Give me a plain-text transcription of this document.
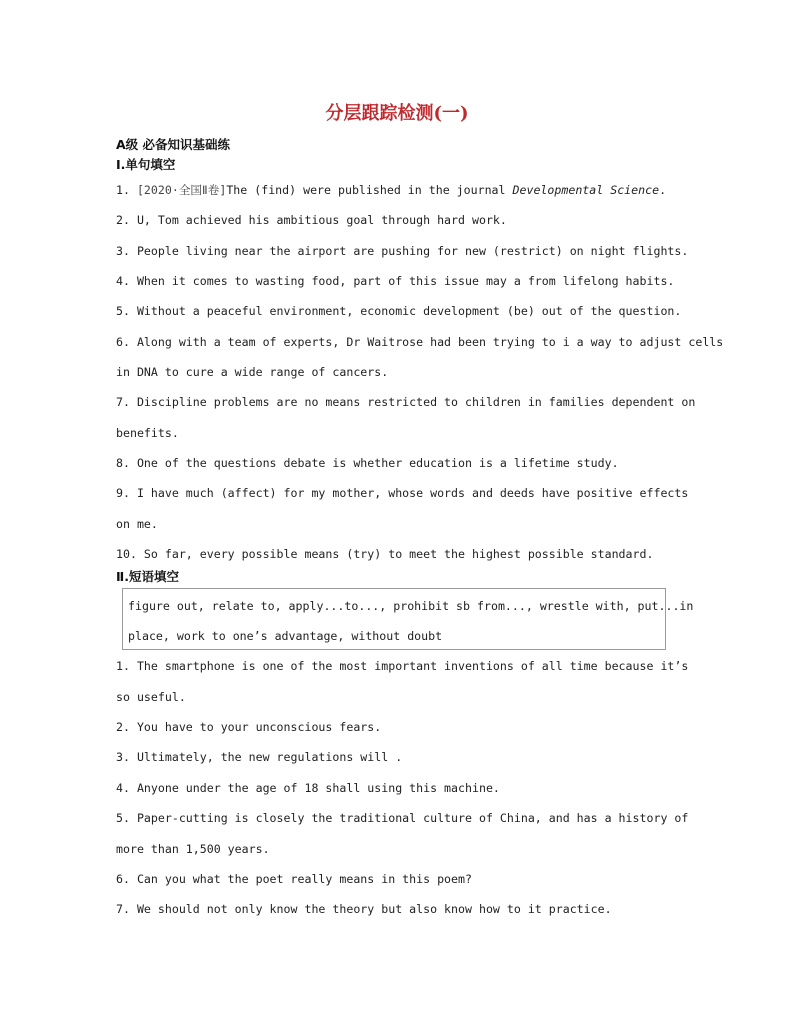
分层跟踪检测(一)
A级 必备知识基础练
Ⅰ.单句填空
1. [2020·全国Ⅱ卷]The (find) were published in the journal Developmental Science.
2. U, Tom achieved his ambitious goal through hard work.
3. People living near the airport are pushing for new (restrict) on night flights.
4. When it comes to wasting food, part of this issue may a from lifelong habits.
5. Without a peaceful environment, economic development (be) out of the question.
6. Along with a team of experts, Dr Waitrose had been trying to i a way to adjust cells
in DNA to cure a wide range of cancers.
7. Discipline problems are no means restricted to children in families dependent on
benefits.
8. One of the questions debate is whether education is a lifetime study.
9. I have much (affect) for my mother, whose words and deeds have positive effects
on me.
10. So far, every possible means (try) to meet the highest possible standard.
Ⅱ.短语填空
figure out, relate to, apply...to..., prohibit sb from..., wrestle with, put...in
place, work to one’s advantage, without doubt
1. The smartphone is one of the most important inventions of all time because it’s
so useful.
2. You have to your unconscious fears.
3. Ultimately, the new regulations will .
4. Anyone under the age of 18 shall using this machine.
5. Paper-cutting is closely the traditional culture of China, and has a history of
more than 1,500 years.
6. Can you what the poet really means in this poem?
7. We should not only know the theory but also know how to it practice.
